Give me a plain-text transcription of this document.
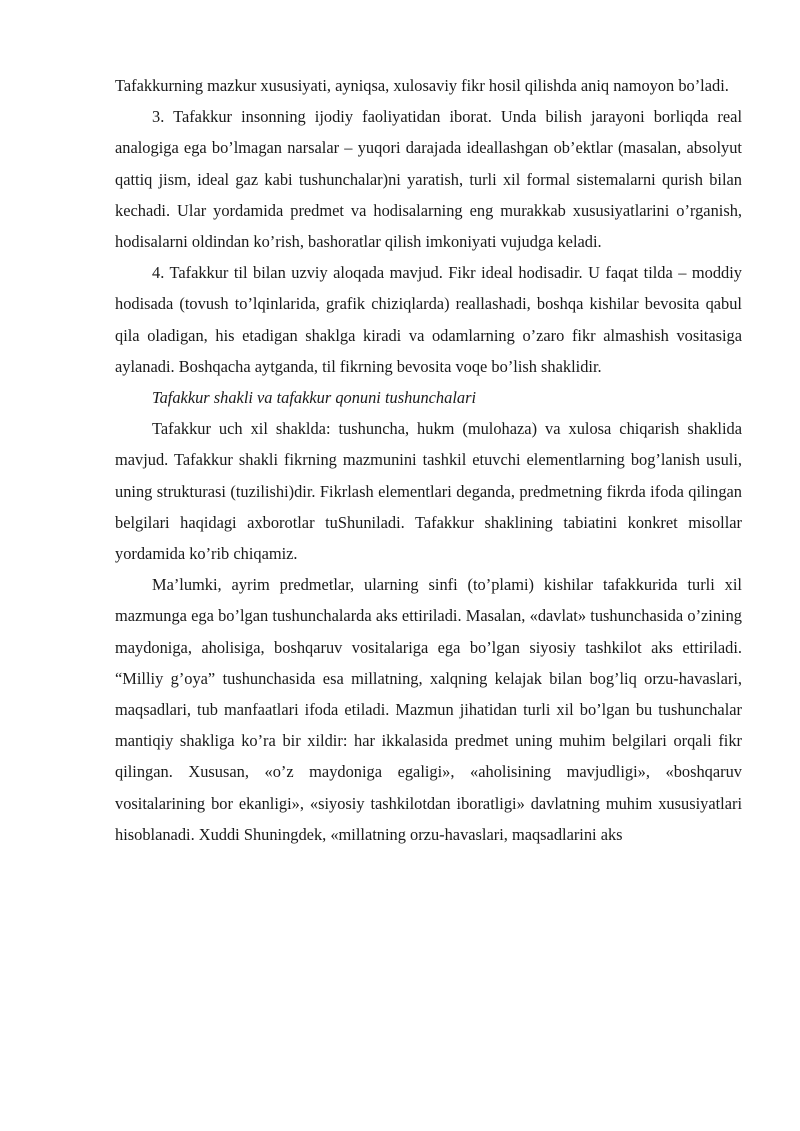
Tafakkurning mazkur xususiyati, ayniqsa, xulosaviy fikr hosil qilishda aniq namoyon bo’ladi.

3. Tafakkur insonning ijodiy faoliyatidan iborat. Unda bilish jarayoni borliqda real analogiga ega bo’lmagan narsalar – yuqori darajada ideallashgan ob’ektlar (masalan, absolyut qattiq jism, ideal gaz kabi tushunchalar)ni yaratish, turli xil formal sistemalarni qurish bilan kechadi. Ular yordamida predmet va hodisalarning eng murakkab xususiyatlarini o’rganish, hodisalarni oldindan ko’rish, bashoratlar qilish imkoniyati vujudga keladi.

4. Tafakkur til bilan uzviy aloqada mavjud. Fikr ideal hodisadir. U faqat tilda – moddiy hodisada (tovush to’lqinlarida, grafik chiziqlarda) reallashadi, boshqa kishilar bevosita qabul qila oladigan, his etadigan shaklga kiradi va odamlarning o’zaro fikr almashish vositasiga aylanadi. Boshqacha aytganda, til fikrning bevosita voqe bo’lish shaklidir.

Tafakkur shakli va tafakkur qonuni tushunchalari

Tafakkur uch xil shaklda: tushuncha, hukm (mulohaza) va xulosa chiqarish shaklida mavjud. Tafakkur shakli fikrning mazmunini tashkil etuvchi elementlarning bog’lanish usuli, uning strukturasi (tuzilishi)dir. Fikrlash elementlari deganda, predmetning fikrda ifoda qilingan belgilari haqidagi axborotlar tuShuniladi. Tafakkur shaklining tabiatini konkret misollar yordamida ko’rib chiqamiz.

Ma’lumki, ayrim predmetlar, ularning sinfi (to’plami) kishilar tafakkurida turli xil mazmunga ega bo’lgan tushunchalarda aks ettiriladi. Masalan, «davlat» tushunchasida o’zining maydoniga, aholisiga, boshqaruv vositalariga ega bo’lgan siyosiy tashkilot aks ettiriladi. “Milliy g’oya” tushunchasida esa millatning, xalqning kelajak bilan bog’liq orzu-havaslari, maqsadlari, tub manfaatlari ifoda etiladi. Mazmun jihatidan turli xil bo’lgan bu tushunchalar mantiqiy shakliga ko’ra bir xildir: har ikkalasida predmet uning muhim belgilari orqali fikr qilingan. Xususan, «o’z maydoniga egaligi», «aholisining mavjudligi», «boshqaruv vositalarining bor ekanligi», «siyosiy tashkilotdan iboratligi» davlatning muhim xususiyatlari hisoblanadi. Xuddi Shuningdek, «millatning orzu-havaslari, maqsadlarini aks
